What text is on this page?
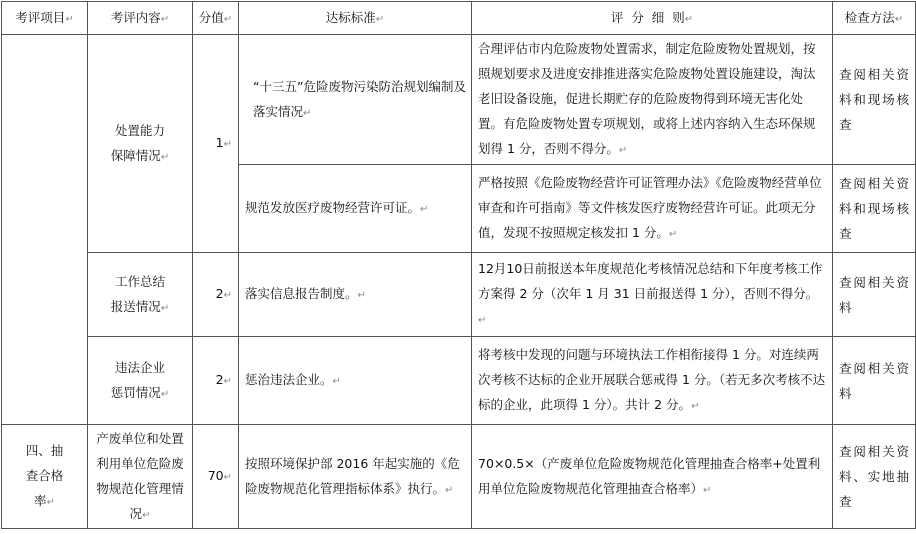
考评项目↵	考评内容↵	分值↵	达标标准↵	评  分  细  则↵	检查方法↵
	处置能力保障情况↵	1↵	“十三五”危险废物污染防治规划编制及落实情况↵	合理评估市内危险废物处置需求，制定危险废物处置规划，按照规划要求及进度安排推进落实危险废物处置设施建设，淘汰老旧设备设施，促进长期贮存的危险废物得到环境无害化处置。有危险废物处置专项规划，或将上述内容纳入生态环保规划得 1 分，否则不得分。↵	查阅相关资料和现场核查
			规范发放医疗废物经营许可证。↵	严格按照《危险废物经营许可证管理办法》《危险废物经营单位审查和许可指南》等文件核发医疗废物经营许可证。此项无分值，发现不按照规定核发扣 1 分。↵	查阅相关资料和现场核查
	工作总结报送情况↵	2↵	落实信息报告制度。↵	12月10日前报送本年度规范化考核情况总结和下年度考核工作方案得 2 分（次年 1 月 31 日前报送得 1 分），否则不得分。↵	查阅相关资料
	违法企业惩罚情况↵	2↵	惩治违法企业。↵	将考核中发现的问题与环境执法工作相衔接得 1 分。对连续两次考核不达标的企业开展联合惩戒得 1 分。（若无多次考核不达标的企业，此项得 1 分）。共计 2 分。↵	查阅相关资料
四、抽查合格率↵	产废单位和处置利用单位危险废物规范化管理情况↵	70↵	按照环境保护部 2016 年起实施的《危险废物规范化管理指标体系》执行。↵	70×0.5×（产废单位危险废物规范化管理抽查合格率+处置利用单位危险废物规范化管理抽查合格率）↵	查阅相关资料、实地抽查
